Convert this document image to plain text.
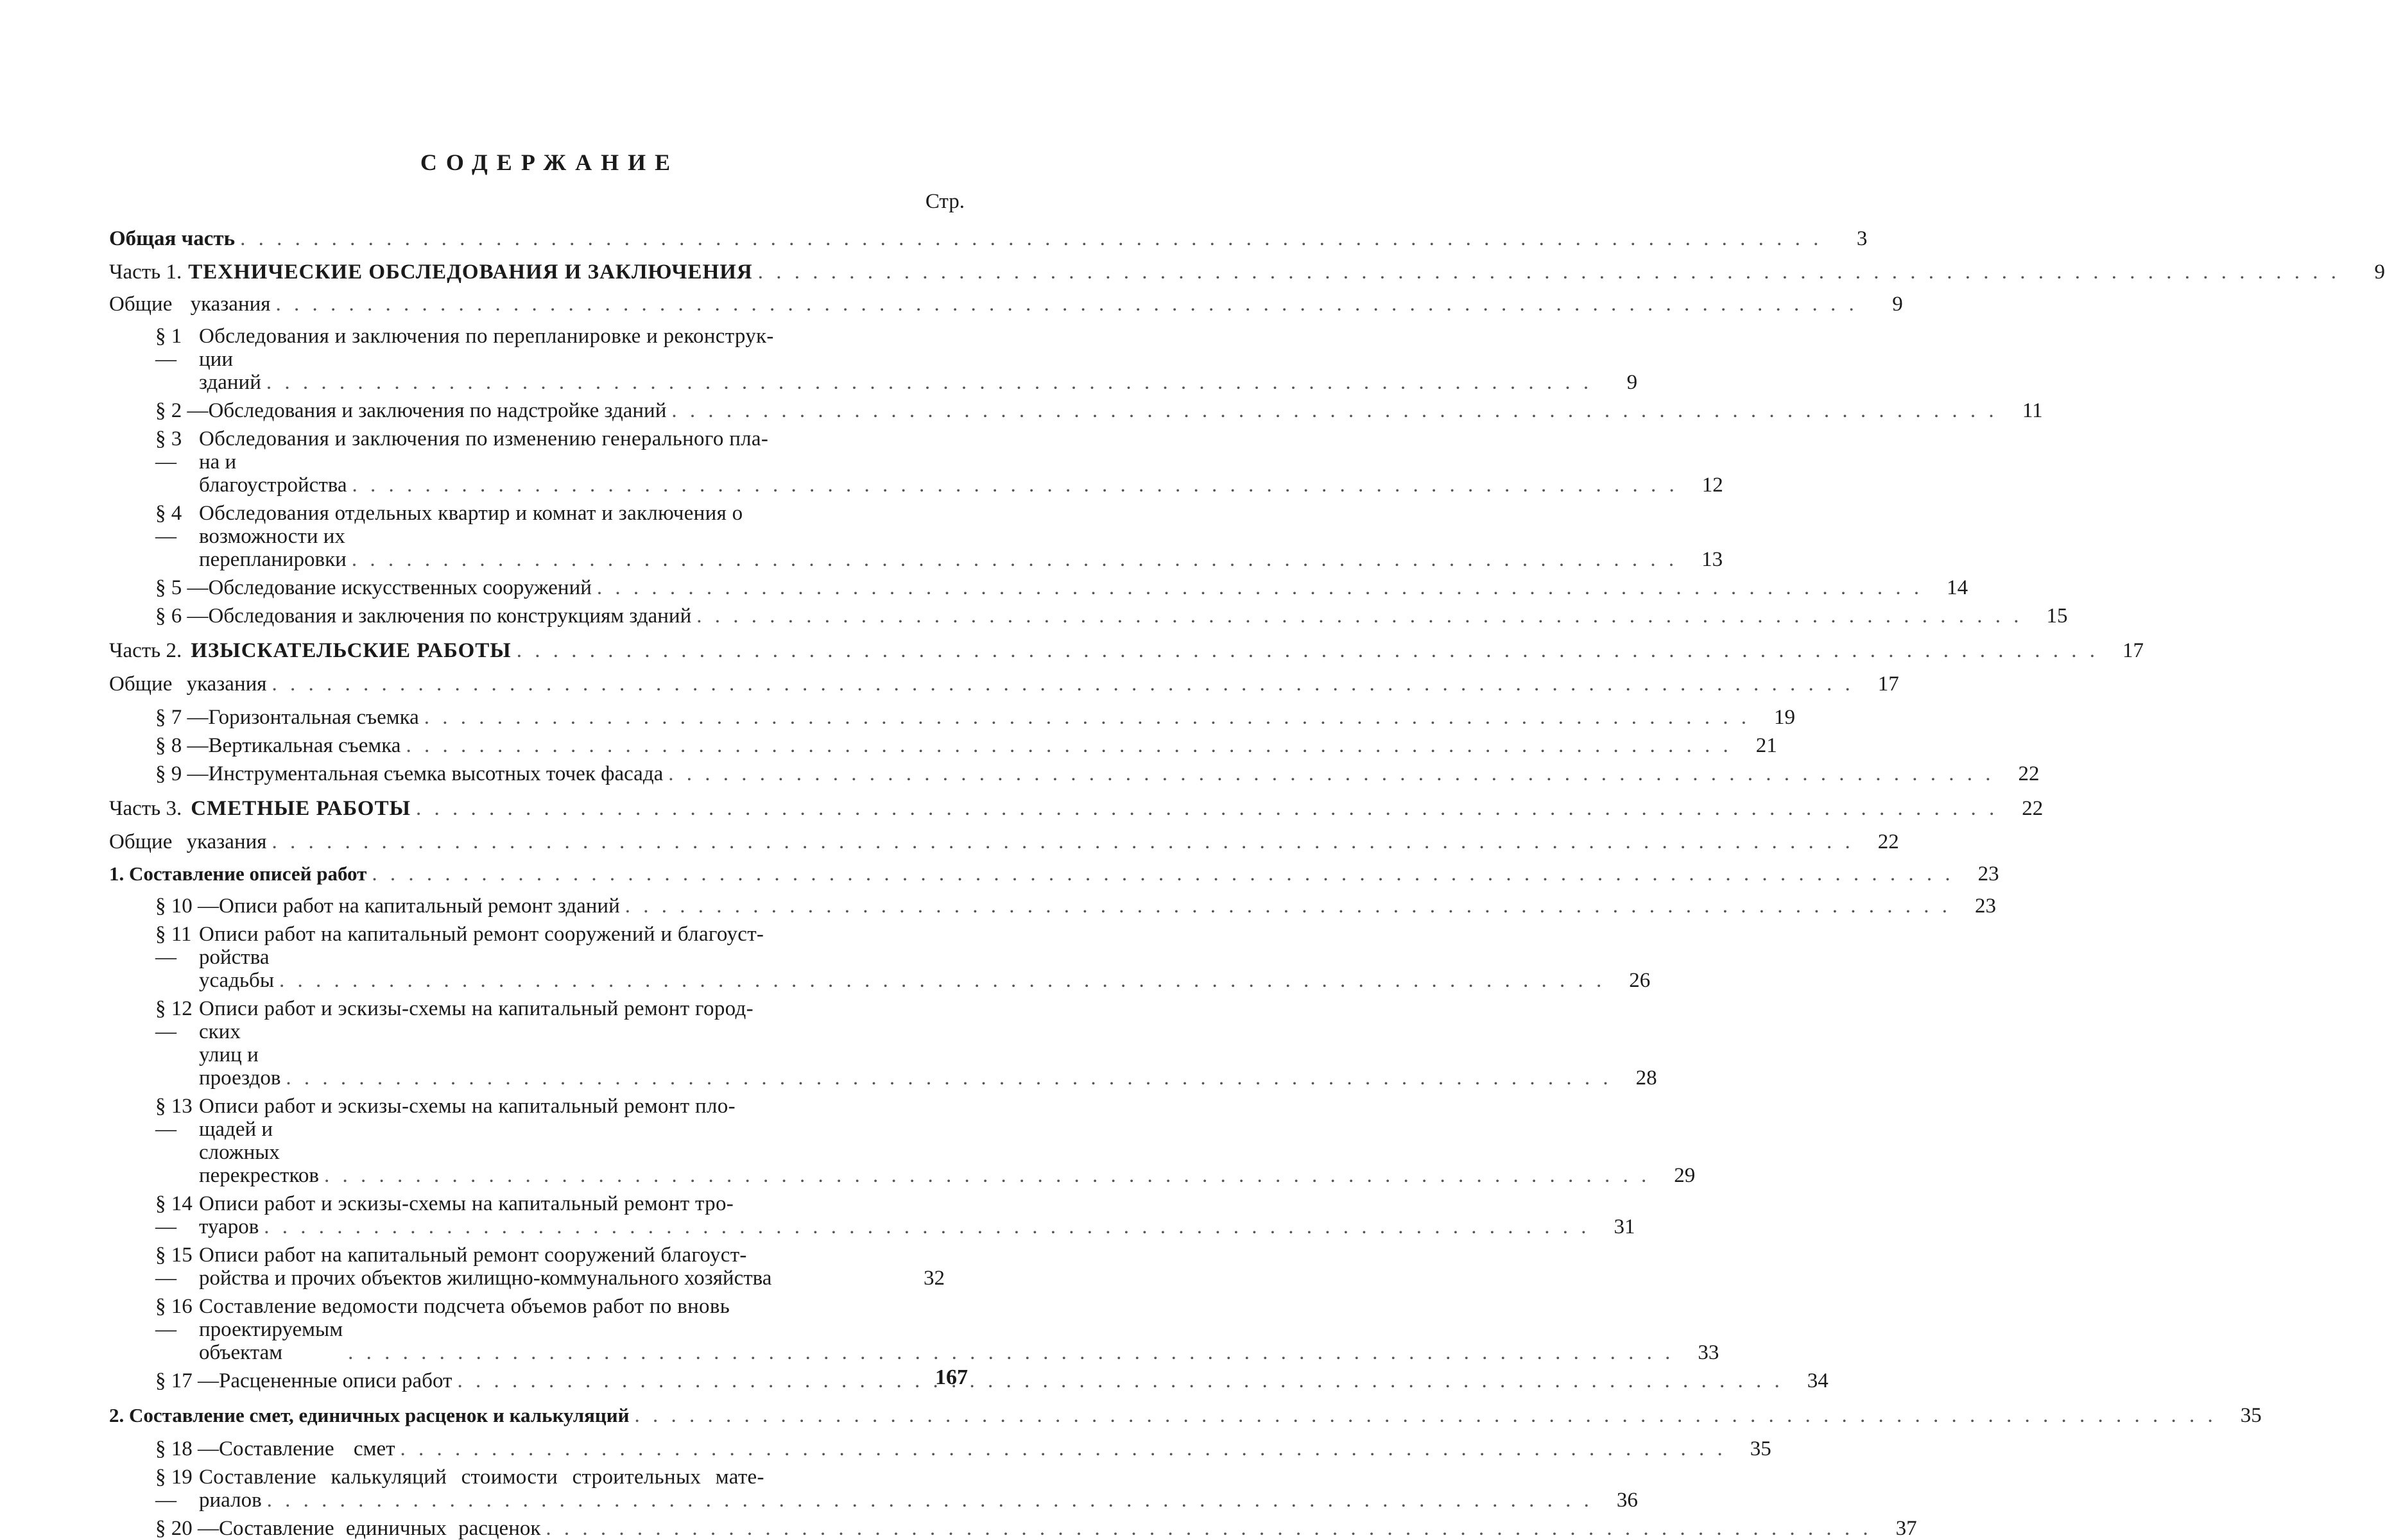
СОДЕРЖАНИЕ
Стр.
Общая часть . . .	3
Часть 1. ТЕХНИЧЕСКИЕ ОБСЛЕДОВАНИЯ И ЗАКЛЮЧЕНИЯ . . .	9
Общие указания . . .	9
§ 1 —
Обследования и заключения по перепланировке и реконструк-
ции зданий . . .	9
§ 2 — Обследования и заключения по надстройке зданий . . .	11
§ 3 —
Обследования и заключения по изменению генерального пла-
на и благоустройства . . .	12
§ 4 —
Обследования отдельных квартир и комнат и заключения о
возможности их перепланировки . . .	13
§ 5 — Обследование искусственных сооружений . . .	14
§ 6 — Обследования и заключения по конструкциям зданий . . .	15
Часть 2. ИЗЫСКАТЕЛЬСКИЕ РАБОТЫ . . .	17
Общие указания . . .	17
§ 7 — Горизонтальная съемка . . .	19
§ 8 — Вертикальная съемка . . .	21
§ 9 — Инструментальная съемка высотных точек фасада . . .	22
Часть 3. СМЕТНЫЕ РАБОТЫ . . .	22
Общие указания . . .	22
1. Составление описей работ . . .	23
§ 10 — Описи работ на капитальный ремонт зданий . . .	23
§ 11 —
Описи работ на капитальный ремонт сооружений и благоуст-
ройства усадьбы . . .	26
§ 12 —
Описи работ и эскизы-схемы на капитальный ремонт город-
ских улиц и проездов . . .	28
§ 13 —
Описи работ и эскизы-схемы на капитальный ремонт пло-
щадей и сложных перекрестков . . .	29
§ 14 —
Описи работ и эскизы-схемы на капитальный ремонт тро-
туаров . . .	31
§ 15 —
Описи работ на капитальный ремонт сооружений благоуст-
ройства и прочих объектов жилищно-коммунального хозяйства	32
§ 16 —
Составление ведомости подсчета объемов работ по вновь
проектируемым объектам . . .	33
§ 17 — Расцененные описи работ . . .	34
2. Составление смет, единичных расценок и калькуляций . . .	35
§ 18 — Составление смет . . .	35
§ 19 —
Составление калькуляций стоимости строительных мате-
риалов . . .	36
§ 20 — Составление единичных расценок . . .	37
167
